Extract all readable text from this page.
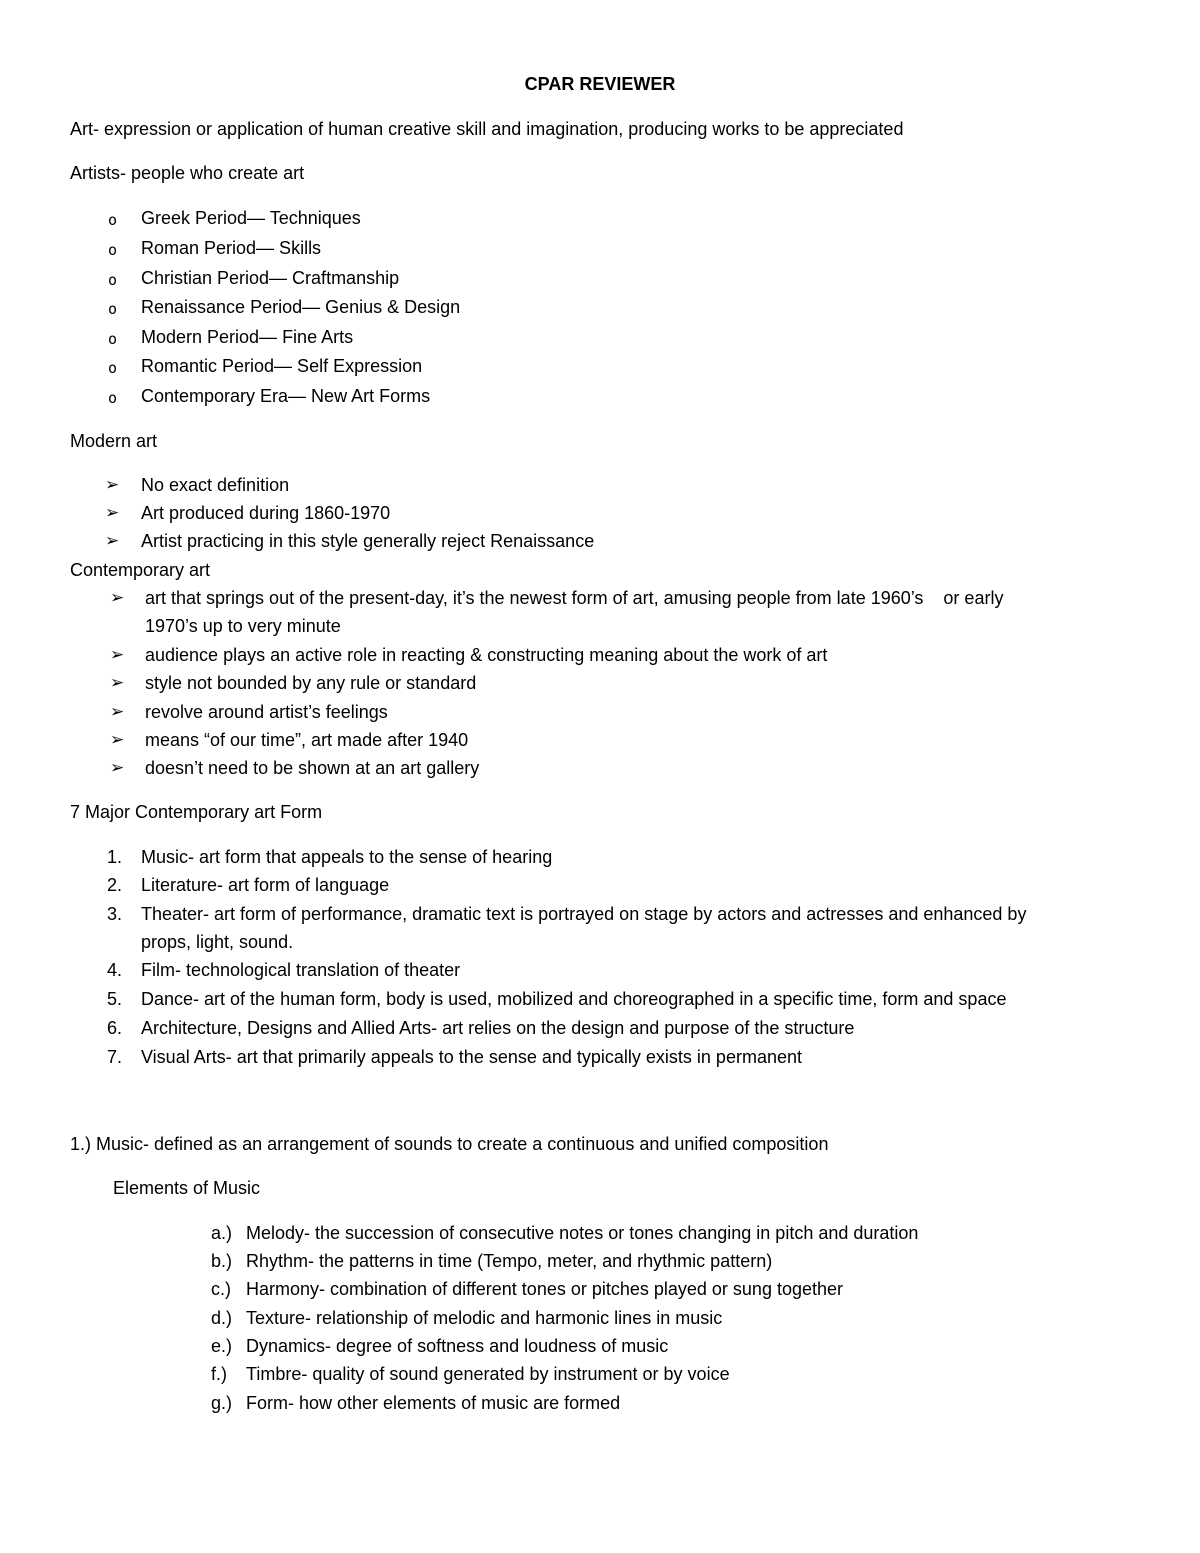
CPAR REVIEWER
Art- expression or application of human creative skill and imagination, producing works to be appreciated
Artists- people who create art
o Greek Period— Techniques
o Roman Period— Skills
o Christian Period— Craftmanship
o Renaissance Period— Genius & Design
o Modern Period— Fine Arts
o Romantic Period— Self Expression
o Contemporary Era— New Art Forms
Modern art
➢ No exact definition
➢ Art produced during 1860-1970
➢ Artist practicing in this style generally reject Renaissance
Contemporary art
➢ art that springs out of the present-day, it’s the newest form of art, amusing people from late 1960’s    or early
1970’s up to very minute
➢ audience plays an active role in reacting & constructing meaning about the work of art
➢ style not bounded by any rule or standard
➢ revolve around artist’s feelings
➢ means “of our time”, art made after 1940
➢ doesn’t need to be shown at an art gallery
7 Major Contemporary art Form
1. Music- art form that appeals to the sense of hearing
2. Literature- art form of language
3. Theater- art form of performance, dramatic text is portrayed on stage by actors and actresses and enhanced by
props, light, sound.
4. Film- technological translation of theater
5. Dance- art of the human form, body is used, mobilized and choreographed in a specific time, form and space
6. Architecture, Designs and Allied Arts- art relies on the design and purpose of the structure
7. Visual Arts- art that primarily appeals to the sense and typically exists in permanent
1.) Music- defined as an arrangement of sounds to create a continuous and unified composition
Elements of Music
a.) Melody- the succession of consecutive notes or tones changing in pitch and duration
b.) Rhythm- the patterns in time (Tempo, meter, and rhythmic pattern)
c.) Harmony- combination of different tones or pitches played or sung together
d.) Texture- relationship of melodic and harmonic lines in music
e.) Dynamics- degree of softness and loudness of music
f.) Timbre- quality of sound generated by instrument or by voice
g.) Form- how other elements of music are formed
